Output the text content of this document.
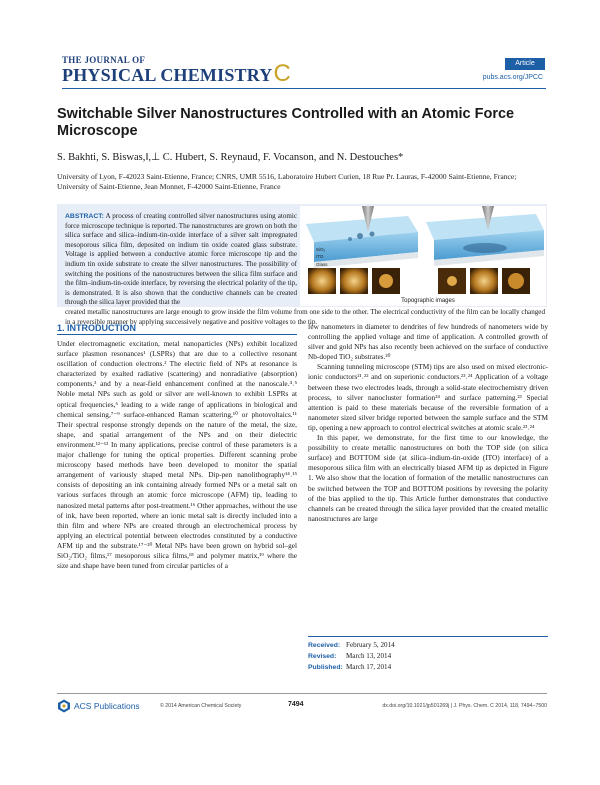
THE JOURNAL OF
PHYSICAL CHEMISTRYC	Article
pubs.acs.org/JPCC
Switchable Silver Nanostructures Controlled with an Atomic Force Microscope
S. Bakhti, S. Biswas,‖,⊥ C. Hubert, S. Reynaud, F. Vocanson, and N. Destouches*
University of Lyon, F-42023 Saint-Etienne, France; CNRS, UMR 5516, Laboratoire Hubert Curien, 18 Rue Pr. Lauras, F-42000 Saint-Etienne, France; University of Saint-Etienne, Jean Monnet, F-42000 Saint-Etienne, France
ABSTRACT: A process of creating controlled silver nanostructures using atomic force microscope technique is reported. The nanostructures are grown on both the silica surface and silica–indium-tin-oxide interface of a silver salt impregnated mesoporous silica film, deposited on indium tin oxide coated glass substrate. Voltage is applied between a conductive atomic force microscope tip and the indium tin oxide substrate to create the silver nanostructures. The possibility of switching the positions of the nanostructures between the silica film surface and the film–indium-tin-oxide interface, by reversing the electrical polarity of the tip, is demonstrated. It is also shown that the conductive channels can be created through the silica layer provided that the
created metallic nanostructures are large enough to grow inside the film volume from one side to the other. The electrical conductivity of the film can be locally changed in a reversible manner by applying successively negative and positive voltages to the tip.
SiO₂
ITO
Glass
Topographic images
1. INTRODUCTION

Under electromagnetic excitation, metal nanoparticles (NPs) exhibit localized surface plasmon resonances¹ (LSPRs) that are due to a collective resonant oscillation of conduction electrons.² The electric field of NPs at resonance is characterized by exalted radiative (scattering) and nonradiative (absorption) components,³ and by a near-field enhancement confined at the nanoscale.⁴˒⁵ Noble metal NPs such as gold or silver are well-known to exhibit LSPRs at optical frequencies,⁶ leading to a wide range of applications in biological and chemical sensing,⁷⁻⁹ surface-enhanced Raman scattering,¹⁰ or photovoltaics.¹¹ Their spectral response strongly depends on the nature of the metal, the size, shape, and spatial arrangement of the NPs and on their dielectric environment.¹²⁻¹³ In many applications, precise control of these parameters is a major challenge for tuning the optical properties. Different scanning probe microscopy based methods have been developed to monitor the spatial arrangement of variously shaped metal NPs. Dip-pen nanolithography¹⁴˒¹⁵ consists of depositing an ink containing already formed NPs or a metal salt on various surfaces through an atomic force microscope (AFM) tip, leading to nanosized metal patterns after post-treatment.¹⁶ Other approaches, without the use of ink, have been reported, where an ionic metal salt is directly included into a thin film and where NPs are created through an electrochemical process by applying an electrical potential between electrodes constituted by a conductive AFM tip and the substrate.¹⁷⁻²⁰ Metal NPs have been grown on hybrid sol–gel SiO₂/TiO₂ films,¹⁷ mesoporous silica films,¹⁸ and polymer matrix,¹⁹ where the size and shape have been tuned from circular particles of a

few nanometers in diameter to dendrites of few hundreds of nanometers wide by controlling the applied voltage and time of application. A controlled growth of silver and gold NPs has also recently been achieved on the surface of conductive Nb-doped TiO₂ substrates.²⁰

Scanning tunneling microscope (STM) tips are also used on mixed electronic-ionic conductors²¹˒²² and on superionic conductors.²³˒²⁴ Application of a voltage between these two electrodes leads, through a solid-state electrochemistry driven process, to silver nanocluster formation²⁴ and surface patterning.²³ Special attention is paid to these materials because of the reversible formation of a nanometer sized silver bridge reported between the sample surface and the STM tip, opening a new approach to control electrical switches at atomic scale.²³˒²⁴

In this paper, we demonstrate, for the first time to our knowledge, the possibility to create metallic nanostructures on both the TOP side (on silica surface) and BOTTOM side (at silica–indium-tin-oxide (ITO) interface) of a mesoporous silica film with an electrically biased AFM tip as depicted in Figure 1. We also show that the location of formation of the metallic nanostructures can be switched between the TOP and BOTTOM positions by reversing the polarity of the bias applied to the tip. This Article further demonstrates that conductive channels can be created through the silica layer provided that the created metallic nanostructures are large

Received: February 5, 2014
Revised: March 13, 2014
Published: March 17, 2014
ACS Publications	© 2014 American Chemical Society	7494	dx.doi.org/10.1021/jp501269j | J. Phys. Chem. C 2014, 118, 7494−7500
